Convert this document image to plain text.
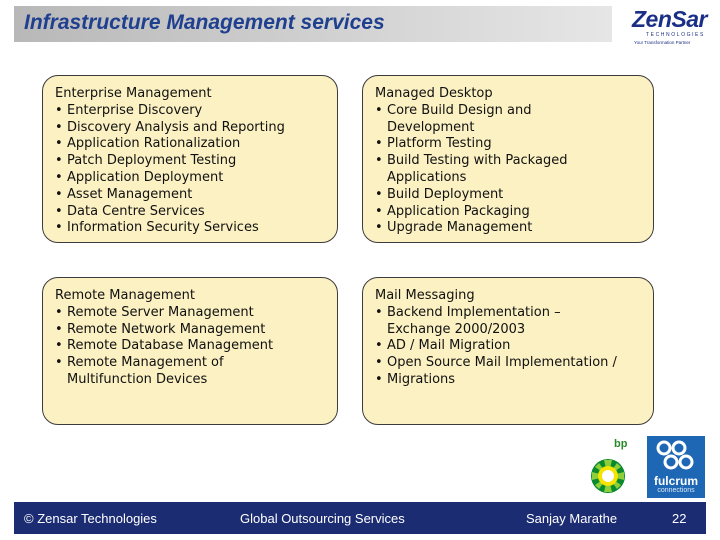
Infrastructure Management services	ZenSar
TECHNOLOGIES
Your Transformation Partner
Enterprise Management
• Enterprise Discovery
• Discovery Analysis and Reporting
• Application Rationalization
• Patch Deployment Testing
• Application Deployment
• Asset Management
• Data Centre Services
• Information Security Services
Managed Desktop
• Core Build Design and
Development
• Platform Testing
• Build Testing with Packaged
Applications
• Build Deployment
• Application Packaging
• Upgrade Management
Remote Management
• Remote Server Management
• Remote Network Management
• Remote Database Management
• Remote Management of
Multifunction Devices
Mail Messaging
• Backend Implementation –
Exchange 2000/2003
• AD / Mail Migration
• Open Source Mail Implementation /
• Migrations
bp
fulcrum
connections
© Zensar Technologies	Global Outsourcing Services	Sanjay Marathe	22
